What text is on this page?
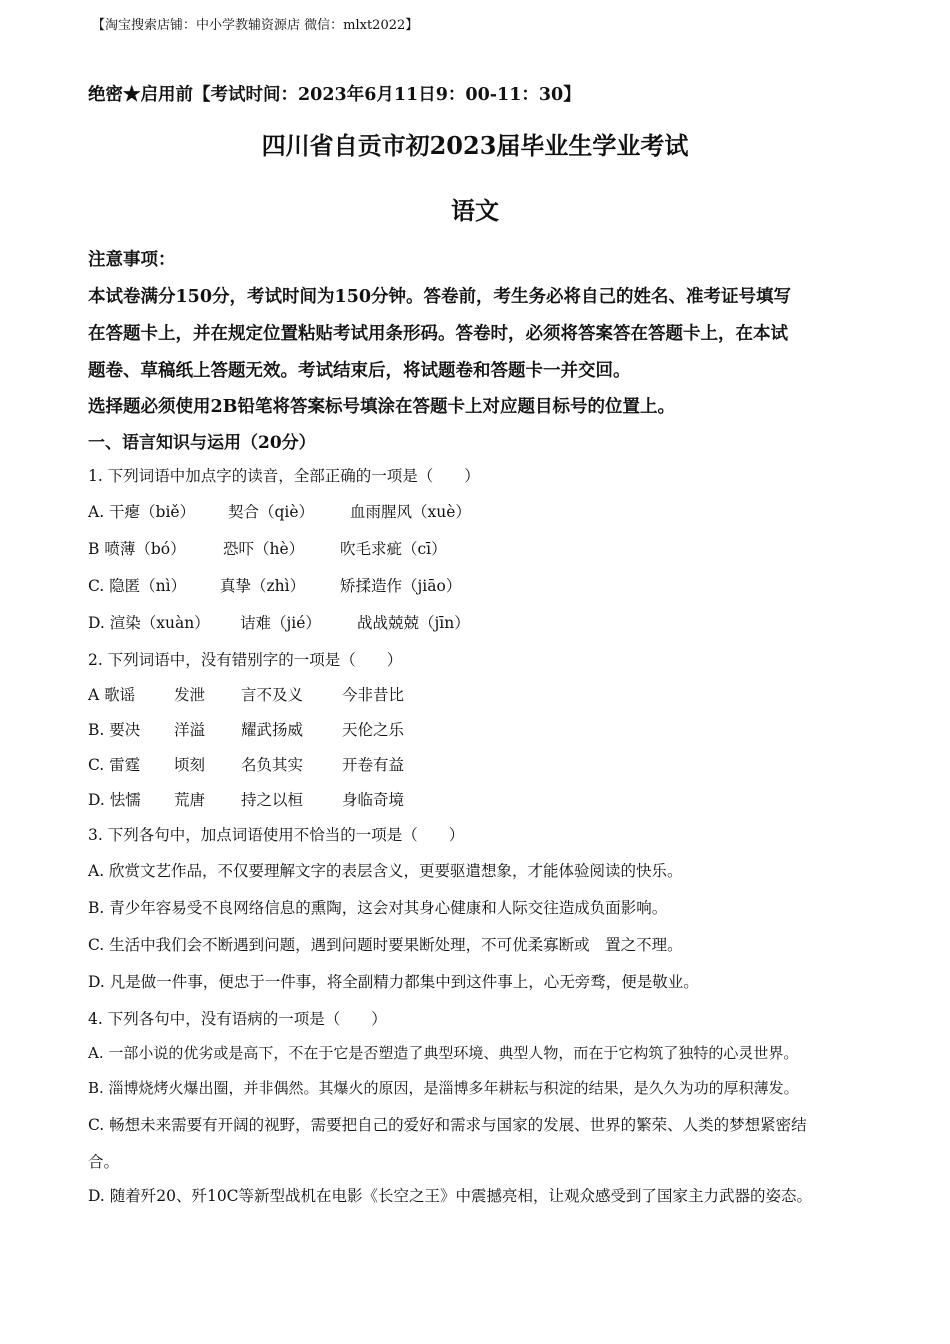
【淘宝搜索店铺：中小学教辅资源店 微信：mlxt2022】
绝密★启用前【考试时间：2023年6月11日9：00-11：30】
四川省自贡市初2023届毕业生学业考试
语文
注意事项：
本试卷满分150分，考试时间为150分钟。答卷前，考生务必将自己的姓名、准考证号填写
在答题卡上，并在规定位置粘贴考试用条形码。答卷时，必须将答案答在答题卡上，在本试
题卷、草稿纸上答题无效。考试结束后，将试题卷和答题卡一并交回。
选择题必须使用2B铅笔将答案标号填涂在答题卡上对应题目标号的位置上。
一、语言知识与运用（20分）
1. 下列词语中加点字的读音，全部正确的一项是（　　）
A. 干瘪（biě） 契合（qiè） 血雨腥风（xuè）
B 喷薄（bó） 恐吓（hè） 吹毛求疵（cī）
C. 隐匿（nì） 真挚（zhì） 矫揉造作（jiāo）
D. 渲染（xuàn） 诘难（jié） 战战兢兢（jīn）
2. 下列词语中，没有错别字的一项是（　　）
A 歌谣	发泄 言不及义	今非昔比
B. 要决 洋溢 耀武扬威	天伦之乐
C. 雷霆 顷刻 名负其实	开卷有益
D. 怯懦 荒唐 持之以桓	身临奇境
3. 下列各句中，加点词语使用不恰当的一项是（　　）
A. 欣赏文艺作品，不仅要理解文字的表层含义，更要驱遣想象，才能体验阅读的快乐。
B. 青少年容易受不良网络信息的熏陶，这会对其身心健康和人际交往造成负面影响。
C. 生活中我们会不断遇到问题，遇到问题时要果断处理，不可优柔寡断或　置之不理。
D. 凡是做一件事，便忠于一件事，将全副精力都集中到这件事上，心无旁骛，便是敬业。
4. 下列各句中，没有语病的一项是（　　）
A. 一部小说的优劣或是高下，不在于它是否塑造了典型环境、典型人物，而在于它构筑了独特的心灵世界。
B. 淄博烧烤火爆出圈，并非偶然。其爆火的原因，是淄博多年耕耘与积淀的结果，是久久为功的厚积薄发。
C. 畅想未来需要有开阔的视野，需要把自己的爱好和需求与国家的发展、世界的繁荣、人类的梦想紧密结
合。
D. 随着歼20、歼10C等新型战机在电影《长空之王》中震撼亮相，让观众感受到了国家主力武器的姿态。
